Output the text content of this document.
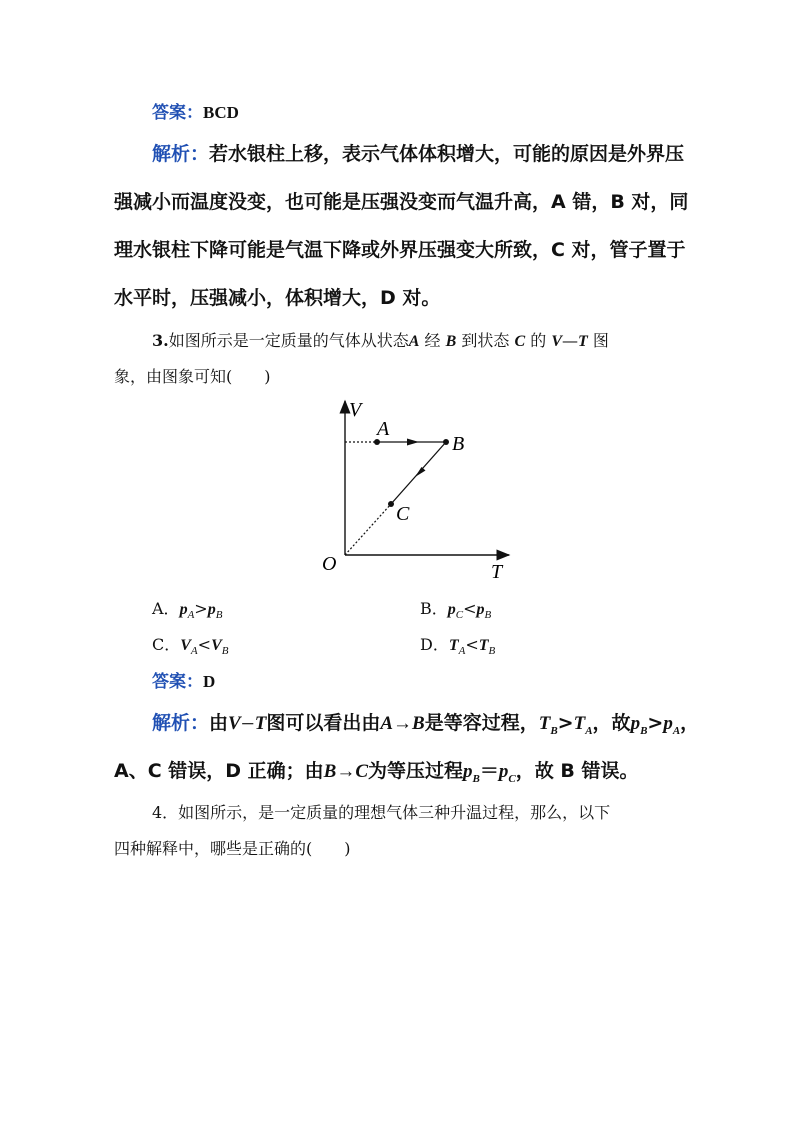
答案：BCD
解析：若水银柱上移，表示气体体积增大，可能的原因是外界压
强减小而温度没变，也可能是压强没变而气温升高，A 错，B 对，同
理水银柱下降可能是气温下降或外界压强变大所致，C 对，管子置于
水平时，压强减小，体积增大，D 对。
3.如图所示是一定质量的气体从状态A 经 B 到状态 C 的 V—T 图
象，由图象可知(　　)
V
T
O
A
B
C
A．$p_A>p_B$	B．$p_C<p_B$
C．$V_A<V_B$	D．$T_A<T_B$
答案：D
解析：由V－T图可以看出由A→B是等容过程，$T_B>T_A$，故$p_B>p_A$，
A、C 错误，D 正确；由B→C为等压过程$p_B=p_C$，故 B 错误。
4．如图所示，是一定质量的理想气体三种升温过程，那么，以下
四种解释中，哪些是正确的(　　)
